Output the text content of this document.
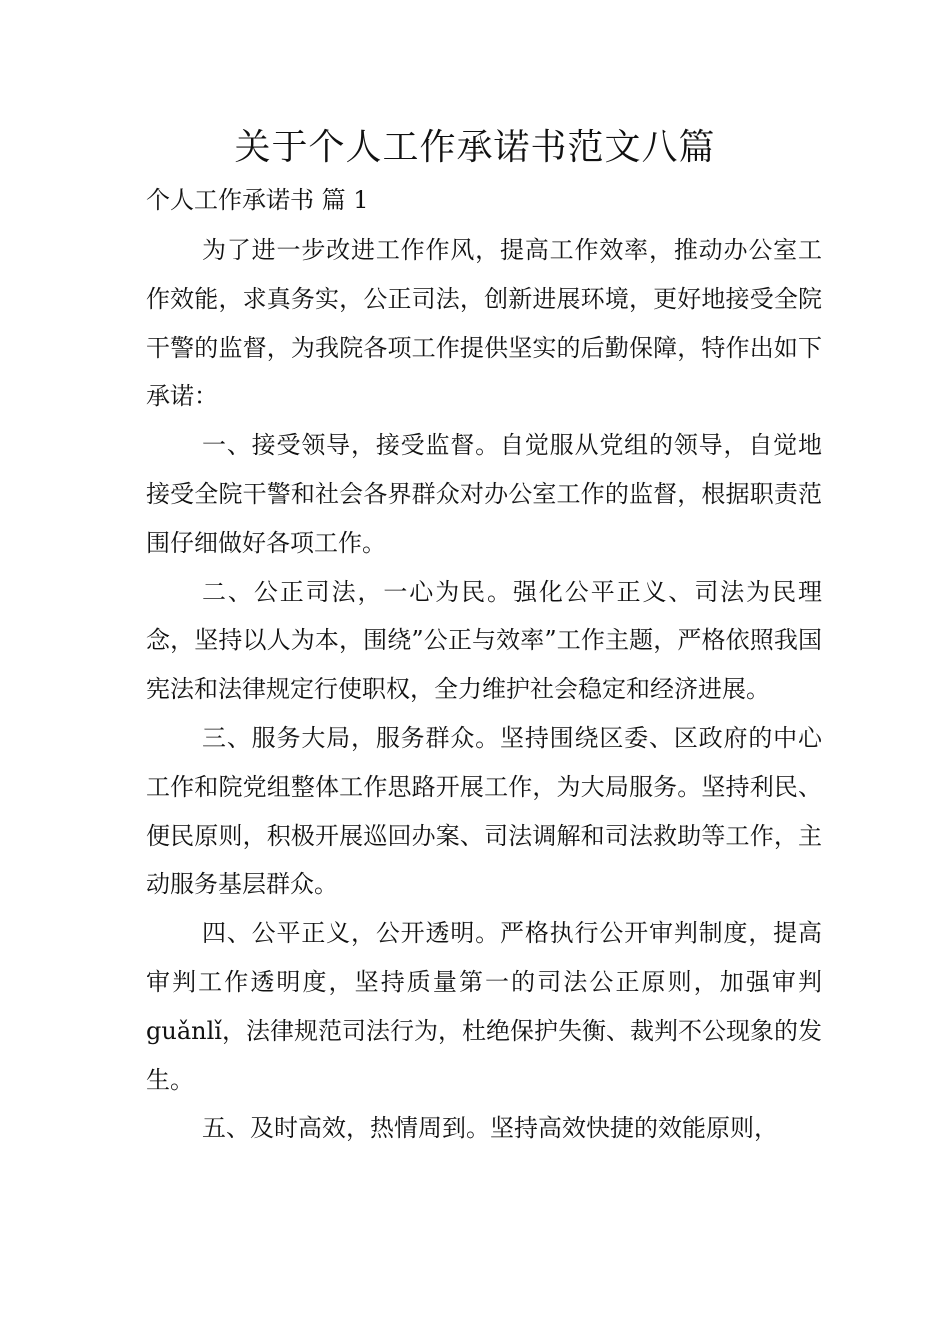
关于个人工作承诺书范文八篇
个人工作承诺书 篇 1

为了进一步改进工作作风，提高工作效率，推动办公室工作效能，求真务实，公正司法，创新进展环境，更好地接受全院干警的监督，为我院各项工作提供坚实的后勤保障，特作出如下承诺：

一、接受领导，接受监督。自觉服从党组的领导，自觉地接受全院干警和社会各界群众对办公室工作的监督，根据职责范围仔细做好各项工作。

二、公正司法，一心为民。强化公平正义、司法为民理念，坚持以人为本，围绕”公正与效率”工作主题，严格依照我国宪法和法律规定行使职权，全力维护社会稳定和经济进展。

三、服务大局，服务群众。坚持围绕区委、区政府的中心工作和院党组整体工作思路开展工作，为大局服务。坚持利民、便民原则，积极开展巡回办案、司法调解和司法救助等工作，主动服务基层群众。

四、公平正义，公开透明。严格执行公开审判制度，提高审判工作透明度，坚持质量第一的司法公正原则，加强审判 guǎnlǐ，法律规范司法行为，杜绝保护失衡、裁判不公现象的发生。

五、及时高效，热情周到。坚持高效快捷的效能原则，
